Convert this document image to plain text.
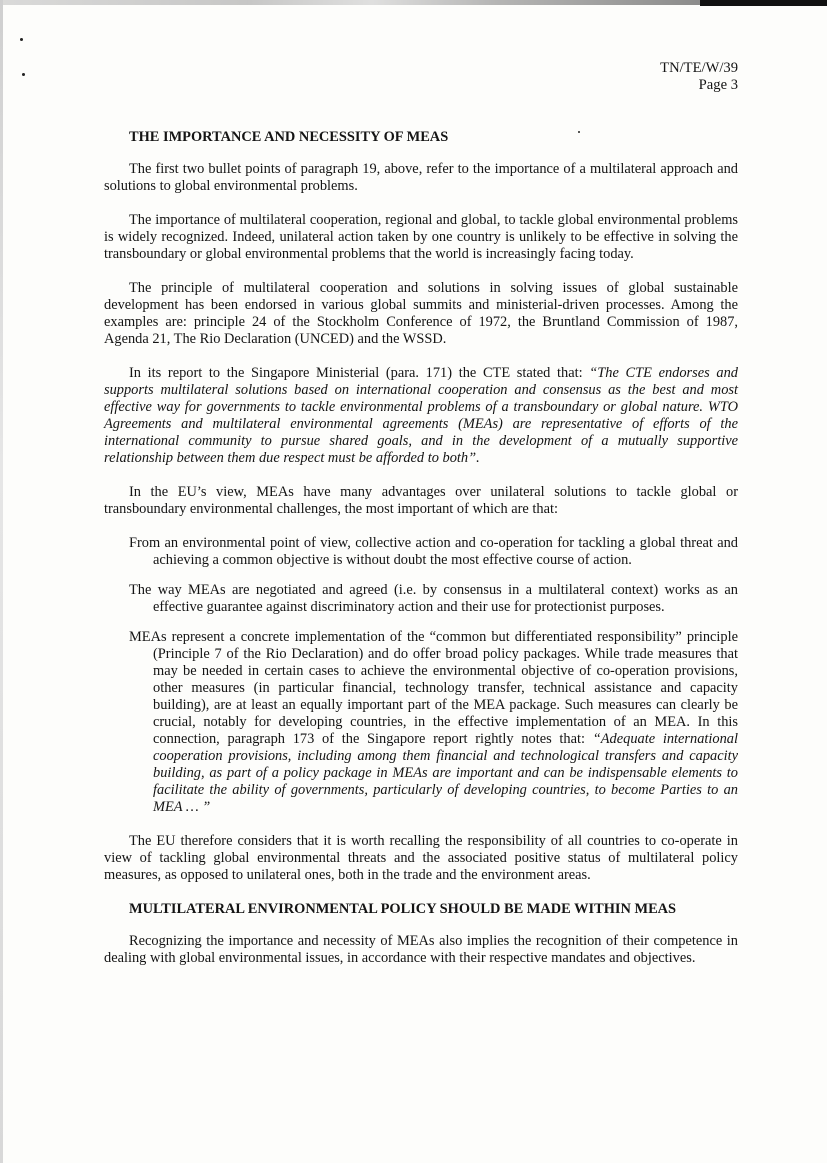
TN/TE/W/39
Page 3
THE IMPORTANCE AND NECESSITY OF MEAS

The first two bullet points of paragraph 19, above, refer to the importance of a multilateral approach and solutions to global environmental problems.

The importance of multilateral cooperation, regional and global, to tackle global environmental problems is widely recognized. Indeed, unilateral action taken by one country is unlikely to be effective in solving the transboundary or global environmental problems that the world is increasingly facing today.

The principle of multilateral cooperation and solutions in solving issues of global sustainable development has been endorsed in various global summits and ministerial-driven processes. Among the examples are: principle 24 of the Stockholm Conference of 1972, the Bruntland Commission of 1987, Agenda 21, The Rio Declaration (UNCED) and the WSSD.

In its report to the Singapore Ministerial (para. 171) the CTE stated that: “The CTE endorses and supports multilateral solutions based on international cooperation and consensus as the best and most effective way for governments to tackle environmental problems of a transboundary or global nature. WTO Agreements and multilateral environmental agreements (MEAs) are representative of efforts of the international community to pursue shared goals, and in the development of a mutually supportive relationship between them due respect must be afforded to both”.

In the EU’s view, MEAs have many advantages over unilateral solutions to tackle global or transboundary environmental challenges, the most important of which are that:

From an environmental point of view, collective action and co-operation for tackling a global threat and achieving a common objective is without doubt the most effective course of action.

The way MEAs are negotiated and agreed (i.e. by consensus in a multilateral context) works as an effective guarantee against discriminatory action and their use for protectionist purposes.

MEAs represent a concrete implementation of the “common but differentiated responsibility” principle (Principle 7 of the Rio Declaration) and do offer broad policy packages. While trade measures that may be needed in certain cases to achieve the environmental objective of co-operation provisions, other measures (in particular financial, technology transfer, technical assistance and capacity building), are at least an equally important part of the MEA package. Such measures can clearly be crucial, notably for developing countries, in the effective implementation of an MEA. In this connection, paragraph 173 of the Singapore report rightly notes that: “Adequate international cooperation provisions, including among them financial and technological transfers and capacity building, as part of a policy package in MEAs are important and can be indispensable elements to facilitate the ability of governments, particularly of developing countries, to become Parties to an MEA … ”

The EU therefore considers that it is worth recalling the responsibility of all countries to co-operate in view of tackling global environmental threats and the associated positive status of multilateral policy measures, as opposed to unilateral ones, both in the trade and the environment areas.

MULTILATERAL ENVIRONMENTAL POLICY SHOULD BE MADE WITHIN MEAS

Recognizing the importance and necessity of MEAs also implies the recognition of their competence in dealing with global environmental issues, in accordance with their respective mandates and objectives.
